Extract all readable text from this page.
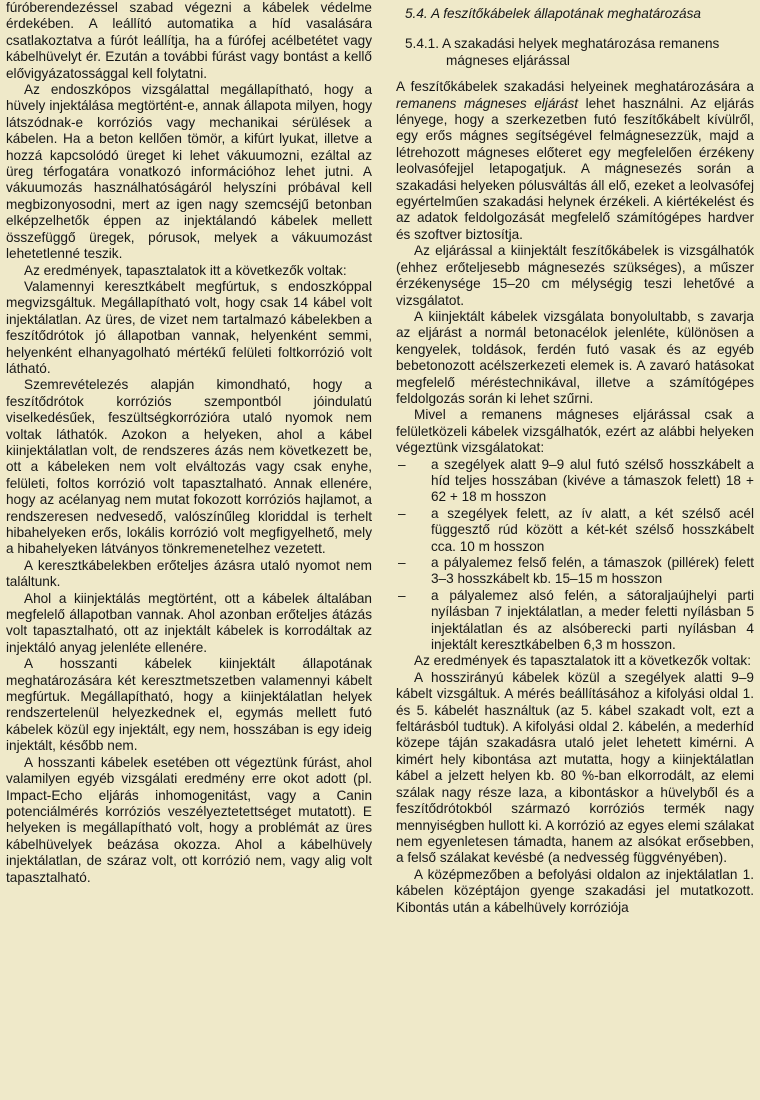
fúróberendezéssel szabad végezni a kábelek védelme érdekében. A leállító automatika a híd vasalására csatlakoztatva a fúrót leállítja, ha a fúrófej acélbetétet vagy kábelhüvelyt ér. Ezután a további fúrást vagy bontást a kellő elővigyázatossággal kell folytatni.

Az endoszkópos vizsgálattal megállapítható, hogy a hüvely injektálása megtörtént-e, annak állapota milyen, hogy látszódnak-e korróziós vagy mechanikai sérülések a kábelen. Ha a beton kellően tömör, a kifúrt lyukat, illetve a hozzá kapcsolódó üreget ki lehet vákuumozni, ezáltal az üreg térfogatára vonatkozó információhoz lehet jutni. A vákuumozás használhatóságáról helyszíni próbával kell megbizonyosodni, mert az igen nagy szemcséjű betonban elképzelhetők éppen az injektálandó kábelek mellett összefüggő üregek, pórusok, melyek a vákuumozást lehetetlenné teszik.

Az eredmények, tapasztalatok itt a következők voltak:

Valamennyi keresztkábelt megfúrtuk, s endoszkóppal megvizsgáltuk. Megállapítható volt, hogy csak 14 kábel volt injektálatlan. Az üres, de vizet nem tartalmazó kábelekben a feszítődrótok jó állapotban vannak, helyenként semmi, helyenként elhanyagolható mértékű felületi foltkorrózió volt látható.

Szemrevételezés alapján kimondható, hogy a feszítődrótok korróziós szempontból jóindulatú viselkedésűek, feszültségkorrózióra utaló nyomok nem voltak láthatók. Azokon a helyeken, ahol a kábel kiinjektálatlan volt, de rendszeres ázás nem következett be, ott a kábeleken nem volt elváltozás vagy csak enyhe, felületi, foltos korrózió volt tapasztalható. Annak ellenére, hogy az acélanyag nem mutat fokozott korróziós hajlamot, a rendszeresen nedvesedő, valószínűleg kloriddal is terhelt hibahelyeken erős, lokális korrózió volt megfigyelhető, mely a hibahelyeken látványos tönkremenetelhez vezetett.

A keresztkábelekben erőteljes ázásra utaló nyomot nem találtunk.

Ahol a kiinjektálás megtörtént, ott a kábelek általában megfelelő állapotban vannak. Ahol azonban erőteljes átázás volt tapasztalható, ott az injektált kábelek is korrodáltak az injektáló anyag jelenléte ellenére.

A hosszanti kábelek kiinjektált állapotának meghatározására két keresztmetszetben valamennyi kábelt megfúrtuk. Megállapítható, hogy a kiinjektálatlan helyek rendszertelenül helyezkednek el, egymás mellett futó kábelek közül egy injektált, egy nem, hosszában is egy ideig injektált, később nem.

A hosszanti kábelek esetében ott végeztünk fúrást, ahol valamilyen egyéb vizsgálati eredmény erre okot adott (pl. Impact-Echo eljárás inhomogenitást, vagy a Canin potenciálmérés korróziós veszélyeztetettséget mutatott). E helyeken is megállapítható volt, hogy a problémát az üres kábelhüvelyek beázása okozza. Ahol a kábelhüvely injektálatlan, de száraz volt, ott korrózió nem, vagy alig volt tapasztalható.

5.4. A feszítőkábelek állapotának meghatározása

5.4.1. A szakadási helyek meghatározása remanens mágneses eljárással

A feszítőkábelek szakadási helyeinek meghatározására a remanens mágneses eljárást lehet használni. Az eljárás lényege, hogy a szerkezetben futó feszítőkábelt kívülről, egy erős mágnes segítségével felmágnesezzük, majd a létrehozott mágneses előteret egy megfelelően érzékeny leolvasófejjel letapogatjuk. A mágnesezés során a szakadási helyeken pólusváltás áll elő, ezeket a leolvasófej egyértelműen szakadási helynek érzékeli. A kiértékelést és az adatok feldolgozását megfelelő számítógépes hardver és szoftver biztosítja.

Az eljárással a kiinjektált feszítőkábelek is vizsgálhatók (ehhez erőteljesebb mágnesezés szükséges), a műszer érzékenysége 15–20 cm mélységig teszi lehetővé a vizsgálatot.

A kiinjektált kábelek vizsgálata bonyolultabb, s zavarja az eljárást a normál betonacélok jelenléte, különösen a kengyelek, toldások, ferdén futó vasak és az egyéb bebetonozott acélszerkezeti elemek is. A zavaró hatásokat megfelelő méréstechnikával, illetve a számítógépes feldolgozás során ki lehet szűrni.

Mivel a remanens mágneses eljárással csak a felületközeli kábelek vizsgálhatók, ezért az alábbi helyeken végeztünk vizsgálatokat:

– a szegélyek alatt 9–9 alul futó szélső hosszkábelt a híd teljes hosszában (kivéve a támaszok felett) 18 + 62 + 18 m hosszon
– a szegélyek felett, az ív alatt, a két szélső acél függesztő rúd között a két-két szélső hosszkábelt cca. 10 m hosszon
– a pályalemez felső felén, a támaszok (pillérek) felett 3–3 hosszkábelt kb. 15–15 m hosszon
– a pályalemez alsó felén, a sátoraljaújhelyi parti nyílásban 7 injektálatlan, a meder feletti nyílásban 5 injektálatlan és az alsóberecki parti nyílásban 4 injektált keresztkábelben 6,3 m hosszon.

Az eredmények és tapasztalatok itt a következők voltak:

A hosszirányú kábelek közül a szegélyek alatti 9–9 kábelt vizsgáltuk. A mérés beállításához a kifolyási oldal 1. és 5. kábelét használtuk (az 5. kábel szakadt volt, ezt a feltárásból tudtuk). A kifolyási oldal 2. kábelén, a mederhíd közepe táján szakadásra utaló jelet lehetett kimérni. A kimért hely kibontása azt mutatta, hogy a kiinjektálatlan kábel a jelzett helyen kb. 80 %-ban elkorrodált, az elemi szálak nagy része laza, a kibontáskor a hüvelyből és a feszítődrótokból származó korróziós termék nagy mennyiségben hullott ki. A korrózió az egyes elemi szálakat nem egyenletesen támadta, hanem az alsókat erősebben, a felső szálakat kevésbé (a nedvesség függvényében).

A középmezőben a befolyási oldalon az injektálatlan 1. kábelen középtájon gyenge szakadási jel mutatkozott. Kibontás után a kábelhüvely korróziója
